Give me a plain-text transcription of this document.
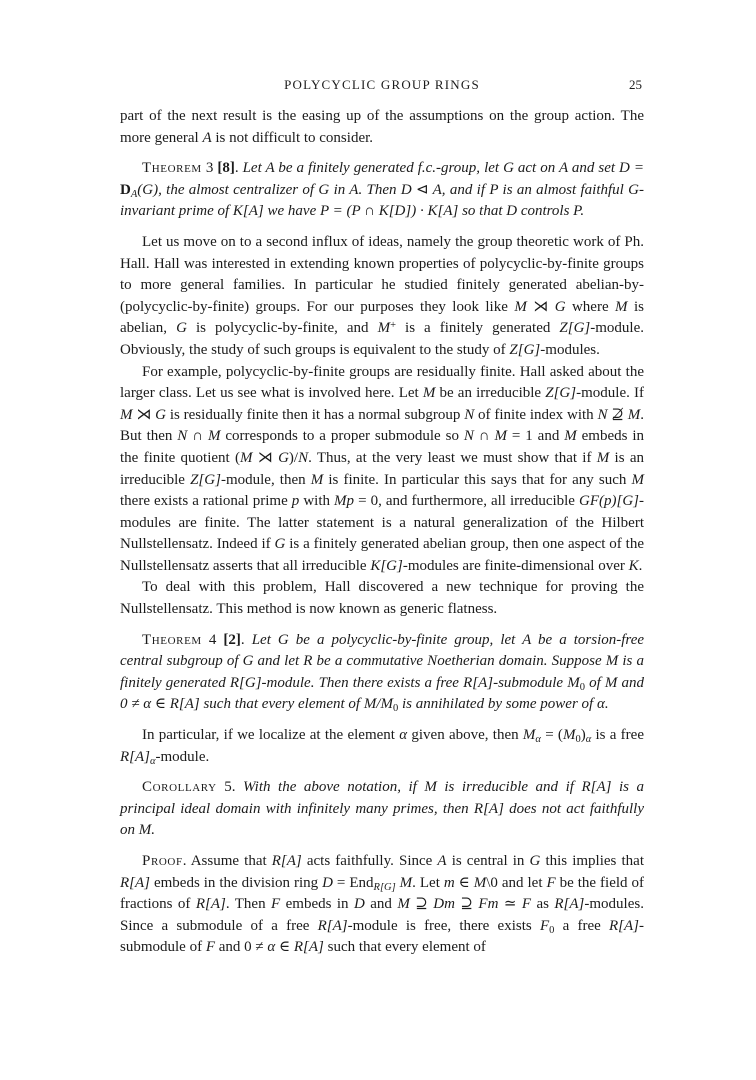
POLYCYCLIC GROUP RINGS	25

part of the next result is the easing up of the assumptions on the group action. The more general A is not difficult to consider.

Theorem 3 [8]. Let A be a finitely generated f.c.-group, let G act on A and set $D = D_A(G)$, the almost centralizer of G in A. Then D ⊲ A, and if P is an almost faithful G-invariant prime of K[A] we have P = (P ∩ K[D]) · K[A] so that D controls P.

Let us move on to a second influx of ideas, namely the group theoretic work of Ph. Hall. Hall was interested in extending known properties of polycyclic-by-finite groups to more general families. In particular he studied finitely generated abelian-by-(polycyclic-by-finite) groups. For our purposes they look like M ⋊ G where M is abelian, G is polycyclic-by-finite, and M+ is a finitely generated Z[G]-module. Obviously, the study of such groups is equivalent to the study of Z[G]-modules.

For example, polycyclic-by-finite groups are residually finite. Hall asked about the larger class. Let us see what is involved here. Let M be an irreducible Z[G]-module. If M ⋊ G is residually finite then it has a normal subgroup N of finite index with N ⊉ M. But then N ∩ M corresponds to a proper submodule so N ∩ M = 1 and M embeds in the finite quotient (M ⋊ G)/N. Thus, at the very least we must show that if M is an irreducible Z[G]-module, then M is finite. In particular this says that for any such M there exists a rational prime p with Mp = 0, and furthermore, all irreducible GF(p)[G]-modules are finite. The latter statement is a natural generalization of the Hilbert Nullstellensatz. Indeed if G is a finitely generated abelian group, then one aspect of the Nullstellensatz asserts that all irreducible K[G]-modules are finite-dimensional over K.

To deal with this problem, Hall discovered a new technique for proving the Nullstellensatz. This method is now known as generic flatness.

Theorem 4 [2]. Let G be a polycyclic-by-finite group, let A be a torsion-free central subgroup of G and let R be a commutative Noetherian domain. Suppose M is a finitely generated R[G]-module. Then there exists a free R[A]-submodule $M_0$ of M and 0 ≠ α ∈ R[A] such that every element of $M/M_0$ is annihilated by some power of α.

In particular, if we localize at the element α given above, then $M_\alpha = (M_0)_\alpha$ is a free $R[A]_\alpha$-module.

Corollary 5. With the above notation, if M is irreducible and if R[A] is a principal ideal domain with infinitely many primes, then R[A] does not act faithfully on M.

Proof. Assume that R[A] acts faithfully. Since A is central in G this implies that R[A] embeds in the division ring D = End$_{R[G]}$ M. Let m ∈ M\0 and let F be the field of fractions of R[A]. Then F embeds in D and M ⊇ Dm ⊇ Fm ≃ F as R[A]-modules. Since a submodule of a free R[A]-module is free, there exists $F_0$ a free R[A]-submodule of F and 0 ≠ α ∈ R[A] such that every element of
